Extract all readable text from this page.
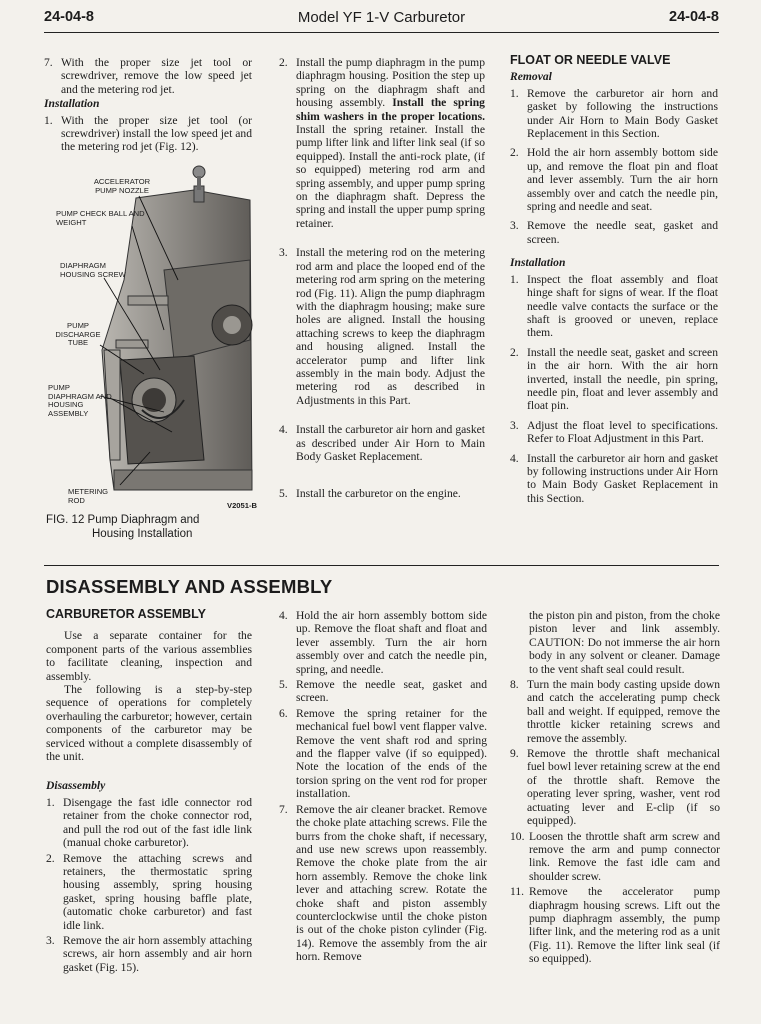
24-04-8	Model YF 1-V Carburetor	24-04-8
7. With the proper size jet tool or screwdriver, remove the low speed jet and the metering rod jet.
Installation
1. With the proper size jet tool (or screwdriver) install the low speed jet and the metering rod jet (Fig. 12).
ACCELERATOR PUMP NOZZLE
PUMP CHECK BALL AND WEIGHT
DIAPHRAGM HOUSING SCREW
PUMP DISCHARGE TUBE
PUMP DIAPHRAGM AND HOUSING ASSEMBLY
METERING ROD
V2051-B
FIG. 12 Pump Diaphragm and
Housing Installation
2. Install the pump diaphragm in the pump diaphragm housing. Position the step up spring on the diaphragm shaft and housing assembly. Install the spring shim washers in the proper locations. Install the spring retainer. Install the pump lifter link and lifter link seal (if so equipped). Install the anti-rock plate, (if so equipped) metering rod arm and spring assembly, and upper pump spring on the diaphragm shaft. Depress the spring and install the upper pump spring retainer.
3. Install the metering rod on the metering rod arm and place the looped end of the metering rod arm spring on the metering rod (Fig. 11). Align the pump diaphragm with the diaphragm housing; make sure holes are aligned. Install the housing attaching screws to keep the diaphragm and housing aligned. Install the accelerator pump and lifter link assembly in the main body. Adjust the metering rod as described in Adjustments in this Part.
4. Install the carburetor air horn and gasket as described under Air Horn to Main Body Gasket Replacement.
5. Install the carburetor on the engine.
FLOAT OR NEEDLE VALVE
Removal
1. Remove the carburetor air horn and gasket by following the instructions under Air Horn to Main Body Gasket Replacement in this Section.
2. Hold the air horn assembly bottom side up, and remove the float pin and float and lever assembly. Turn the air horn assembly over and catch the needle pin, spring and needle and seat.
3. Remove the needle seat, gasket and screen.
Installation
1. Inspect the float assembly and float hinge shaft for signs of wear. If the float needle valve contacts the surface or the shaft is grooved or uneven, replace them.
2. Install the needle seat, gasket and screen in the air horn. With the air horn inverted, install the needle, pin spring, needle pin, float and lever assembly and float pin.
3. Adjust the float level to specifications. Refer to Float Adjustment in this Part.
4. Install the carburetor air horn and gasket by following instructions under Air Horn to Main Body Gasket Replacement in this Section.
DISASSEMBLY AND ASSEMBLY
CARBURETOR ASSEMBLY

Use a separate container for the component parts of the various assemblies to facilitate cleaning, inspection and assembly.

The following is a step-by-step sequence of operations for completely overhauling the carburetor; however, certain components of the carburetor may be serviced without a complete disassembly of the unit.

Disassembly
1. Disengage the fast idle connector rod retainer from the choke connector rod, and pull the rod out of the fast idle link (manual choke carburetor).
2. Remove the attaching screws and retainers, the thermostatic spring housing assembly, spring housing gasket, spring housing baffle plate, (automatic choke carburetor) and fast idle link.
3. Remove the air horn assembly attaching screws, air horn assembly and air horn gasket (Fig. 15).
4. Hold the air horn assembly bottom side up. Remove the float shaft and float and lever assembly. Turn the air horn assembly over and catch the needle pin, spring, and needle.
5. Remove the needle seat, gasket and screen.
6. Remove the spring retainer for the mechanical fuel bowl vent flapper valve. Remove the vent shaft rod and spring and the flapper valve (if so equipped). Note the location of the ends of the torsion spring on the vent rod for proper installation.
7. Remove the air cleaner bracket. Remove the choke plate attaching screws. File the burrs from the choke shaft, if necessary, and use new screws upon reassembly. Remove the choke plate from the air horn assembly. Remove the choke link lever and attaching screw. Rotate the choke shaft and piston assembly counterclockwise until the choke piston is out of the choke piston cylinder (Fig. 14). Remove the assembly from the air horn. Remove

the piston pin and piston, from the choke piston lever and link assembly. CAUTION: Do not immerse the air horn body in any solvent or cleaner. Damage to the vent shaft seal could result.

8. Turn the main body casting upside down and catch the accelerating pump check ball and weight. If equipped, remove the throttle kicker retaining screws and remove the assembly.
9. Remove the throttle shaft mechanical fuel bowl lever retaining screw at the end of the throttle shaft. Remove the operating lever spring, washer, vent rod actuating lever and E-clip (if so equipped).
10. Loosen the throttle shaft arm screw and remove the arm and pump connector link. Remove the fast idle cam and shoulder screw.
11. Remove the accelerator pump diaphragm housing screws. Lift out the pump diaphragm assembly, the pump lifter link, and the metering rod as a unit (Fig. 11). Remove the lifter link seal (if so equipped).
